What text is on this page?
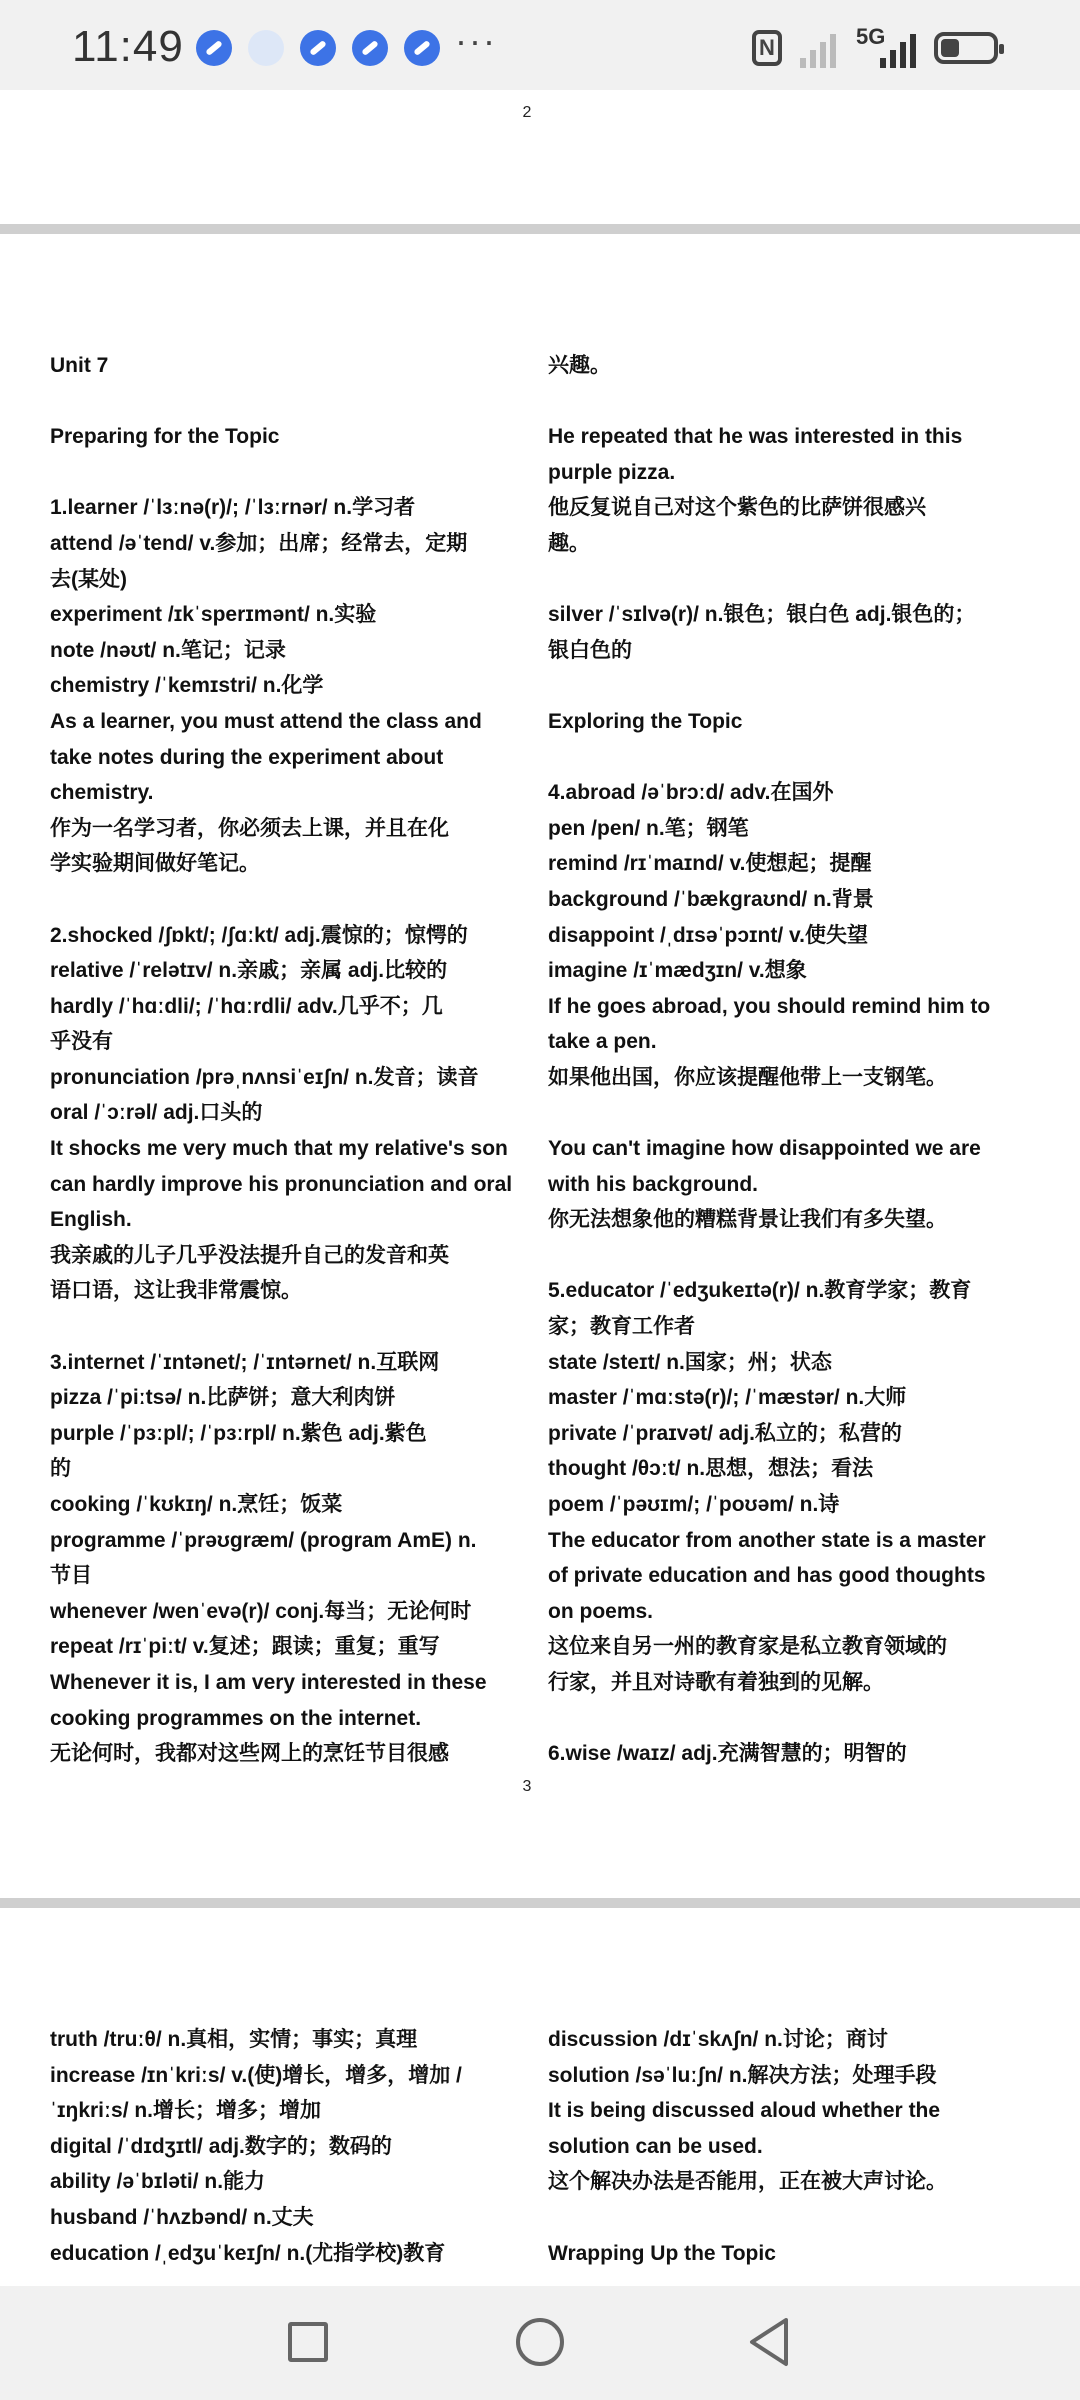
11:49	···	N	5G
2
Unit 7
Preparing for the Topic
1.learner /ˈlɜːnə(r)/; /ˈlɜːrnər/ n.学习者
attend /əˈtend/ v.参加；出席；经常去，定期
去(某处)
experiment /ɪkˈsperɪmənt/ n.实验
note /nəʊt/ n.笔记；记录
chemistry /ˈkemɪstri/ n.化学
As a learner, you must attend the class and
take notes during the experiment about
chemistry.
作为一名学习者，你必须去上课，并且在化
学实验期间做好笔记。
2.shocked /ʃɒkt/; /ʃɑːkt/ adj.震惊的；惊愕的
relative /ˈrelətɪv/ n.亲戚；亲属 adj.比较的
hardly /ˈhɑːdli/; /ˈhɑːrdli/ adv.几乎不；几
乎没有
pronunciation /prəˌnʌnsiˈeɪʃn/ n.发音；读音
oral /ˈɔːrəl/ adj.口头的
It shocks me very much that my relative's son
can hardly improve his pronunciation and oral
English.
我亲戚的儿子几乎没法提升自己的发音和英
语口语，这让我非常震惊。
3.internet /ˈɪntənet/; /ˈɪntərnet/ n.互联网
pizza /ˈpiːtsə/ n.比萨饼；意大利肉饼
purple /ˈpɜːpl/; /ˈpɜːrpl/ n.紫色 adj.紫色
的
cooking /ˈkʊkɪŋ/ n.烹饪；饭菜
programme /ˈprəʊɡræm/ (program AmE) n.
节目
whenever /wenˈevə(r)/ conj.每当；无论何时
repeat /rɪˈpiːt/ v.复述；跟读；重复；重写
Whenever it is, I am very interested in these
cooking programmes on the internet.
无论何时，我都对这些网上的烹饪节目很感
兴趣。
He repeated that he was interested in this
purple pizza.
他反复说自己对这个紫色的比萨饼很感兴
趣。
silver /ˈsɪlvə(r)/ n.银色；银白色 adj.银色的；
银白色的
Exploring the Topic
4.abroad /əˈbrɔːd/ adv.在国外
pen /pen/ n.笔；钢笔
remind /rɪˈmaɪnd/ v.使想起；提醒
background /ˈbækɡraʊnd/ n.背景
disappoint /ˌdɪsəˈpɔɪnt/ v.使失望
imagine /ɪˈmædʒɪn/ v.想象
If he goes abroad, you should remind him to
take a pen.
如果他出国，你应该提醒他带上一支钢笔。
You can't imagine how disappointed we are
with his background.
你无法想象他的糟糕背景让我们有多失望。
5.educator /ˈedʒukeɪtə(r)/ n.教育学家；教育
家；教育工作者
state /steɪt/ n.国家；州；状态
master /ˈmɑːstə(r)/; /ˈmæstər/ n.大师
private /ˈpraɪvət/ adj.私立的；私营的
thought /θɔːt/ n.思想，想法；看法
poem /ˈpəʊɪm/; /ˈpoʊəm/ n.诗
The educator from another state is a master
of private education and has good thoughts
on poems.
这位来自另一州的教育家是私立教育领域的
行家，并且对诗歌有着独到的见解。
6.wise /waɪz/ adj.充满智慧的；明智的
3
truth /truːθ/ n.真相，实情；事实；真理
increase /ɪnˈkriːs/ v.(使)增长，增多，增加 /
ˈɪŋkriːs/ n.增长；增多；增加
digital /ˈdɪdʒɪtl/ adj.数字的；数码的
ability /əˈbɪləti/ n.能力
husband /ˈhʌzbənd/ n.丈夫
education /ˌedʒuˈkeɪʃn/ n.(尤指学校)教育
discussion /dɪˈskʌʃn/ n.讨论；商讨
solution /səˈluːʃn/ n.解决方法；处理手段
It is being discussed aloud whether the
solution can be used.
这个解决办法是否能用，正在被大声讨论。
Wrapping Up the Topic
